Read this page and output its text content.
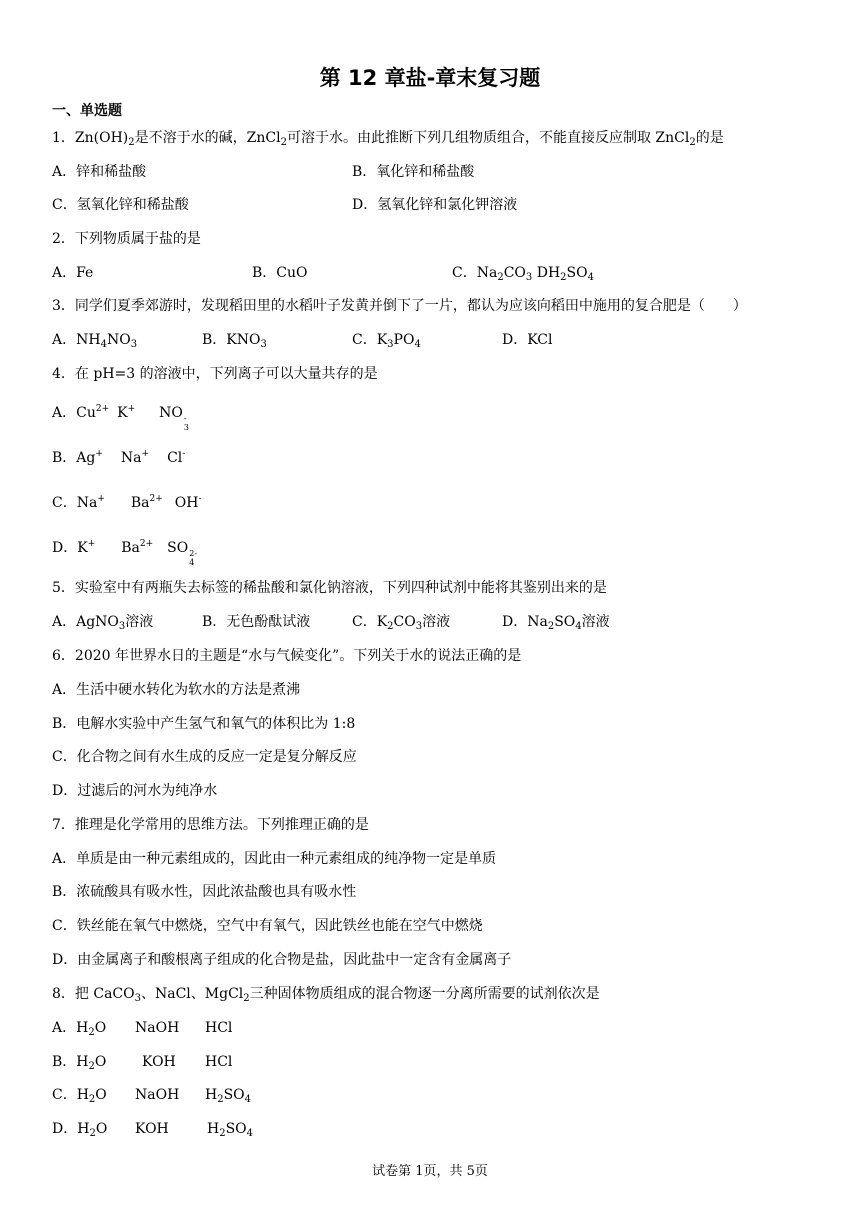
第 12 章盐-章末复习题
一、单选题
1．$Zn(OH)_2$是不溶于水的碱，ZnCl$_2$可溶于水。由此推断下列几组物质组合，不能直接反应制取 ZnCl$_2$的是
A．锌和稀盐酸	B．氧化锌和稀盐酸
C．氢氧化锌和稀盐酸	D．氢氧化锌和氯化钾溶液
2．下列物质属于盐的是
A．Fe	B．CuO	C．$Na_2CO_3$ $DH_2SO_4$
3．同学们夏季郊游时，发现稻田里的水稻叶子发黄并倒下了一片，都认为应该向稻田中施用的复合肥是（　　）
A．$NH_4NO_3$	B．$KNO_3$	C．$K_3PO_4$	D．KCl
4．在 pH=3 的溶液中，下列离子可以大量共存的是
A．$Cu^{2+}$ K+ NO -
3
B．Ag+ Na+ Cl-
C．Na+ $Ba^{2+}$ OH-
D．K+ $Ba^{2+}$ SO 2-
4
5．实验室中有两瓶失去标签的稀盐酸和氯化钠溶液，下列四种试剂中能将其鉴别出来的是
A．AgNO$_3$溶液	B．无色酚酞试液	C．$K_2CO_3$溶液	D．$Na_2SO_4$溶液
6．2020 年世界水日的主题是“水与气候变化”。下列关于水的说法正确的是
A．生活中硬水转化为软水的方法是煮沸
B．电解水实验中产生氢气和氧气的体积比为 1:8
C．化合物之间有水生成的反应一定是复分解反应
D．过滤后的河水为纯净水
7．推理是化学常用的思维方法。下列推理正确的是
A．单质是由一种元素组成的，因此由一种元素组成的纯净物一定是单质
B．浓硫酸具有吸水性，因此浓盐酸也具有吸水性
C．铁丝能在氧气中燃烧，空气中有氧气，因此铁丝也能在空气中燃烧
D．由金属离子和酸根离子组成的化合物是盐，因此盐中一定含有金属离子
8．把 CaCO$_3$、NaCl、MgCl$_2$三种固体物质组成的混合物逐一分离所需要的试剂依次是
A．$H_2O$ NaOH HCl
B．$H_2O$	KOH HCl
C．$H_2O$ NaOH $H_2SO_4$
D．$H_2O$ KOH	$H_2SO_4$
试卷第 1页，共 5页
